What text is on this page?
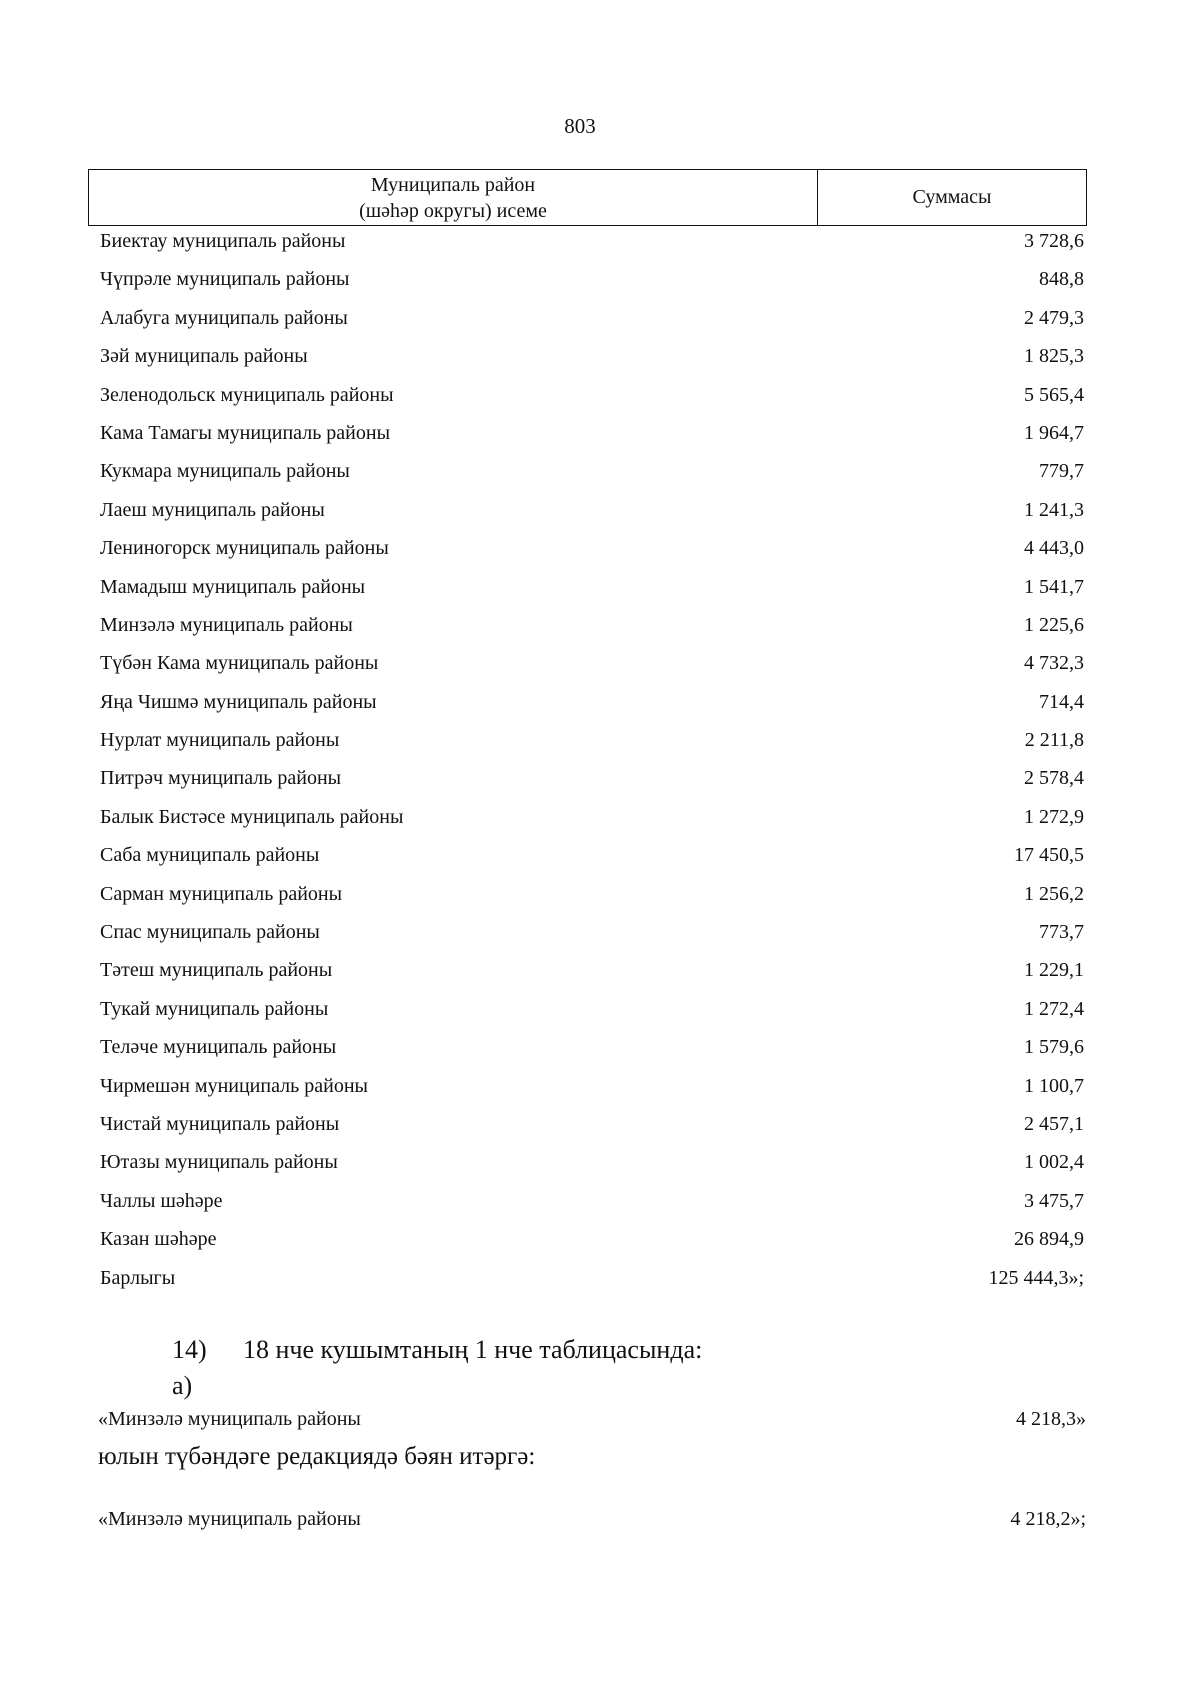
803
Муниципаль район
(шәһәр округы) исеме
Суммасы
Биектау муниципаль районы	3 728,6
Чүпрәле муниципаль районы	848,8
Алабуга муниципаль районы	2 479,3
Зәй муниципаль районы	1 825,3
Зеленодольск муниципаль районы	5 565,4
Кама Тамагы муниципаль районы	1 964,7
Кукмара муниципаль районы	779,7
Лаеш муниципаль районы	1 241,3
Лениногорск муниципаль районы	4 443,0
Мамадыш муниципаль районы	1 541,7
Минзәлә муниципаль районы	1 225,6
Түбән Кама муниципаль районы	4 732,3
Яңа Чишмә муниципаль районы	714,4
Нурлат муниципаль районы	2 211,8
Питрәч муниципаль районы	2 578,4
Балык Бистәсе муниципаль районы	1 272,9
Саба муниципаль районы	17 450,5
Сарман муниципаль районы	1 256,2
Спас муниципаль районы	773,7
Тәтеш муниципаль районы	1 229,1
Тукай муниципаль районы	1 272,4
Теләче муниципаль районы	1 579,6
Чирмешән муниципаль районы	1 100,7
Чистай муниципаль районы	2 457,1
Ютазы муниципаль районы	1 002,4
Чаллы шәһәре	3 475,7
Казан шәһәре	26 894,9
Барлыгы	125 444,3»;
14) 18 нче кушымтаның 1 нче таблицасында:
а)
«Минзәлә муниципаль районы	4 218,3»
юлын түбәндәге редакциядә бәян итәргә:
«Минзәлә муниципаль районы	4 218,2»;
